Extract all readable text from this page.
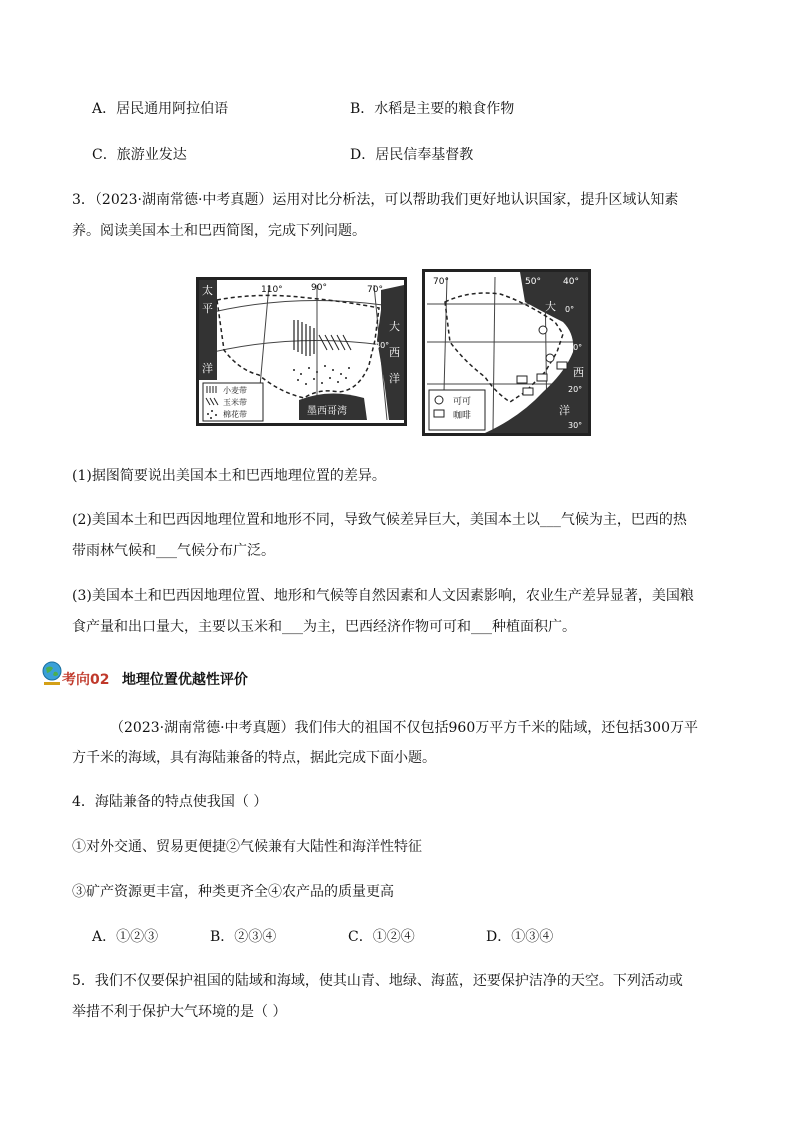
A．居民通用阿拉伯语	B．水稻是主要的粮食作物
C．旅游业发达	D．居民信奉基督教
3．（2023·湖南常德·中考真题）运用对比分析法，可以帮助我们更好地认识国家，提升区域认知素
养。阅读美国本土和巴西简图，完成下列问题。
110°	90°	70°
太
平
洋
大
西
洋
40°
墨西哥湾
小麦带
玉米带
棉花带
70°	50° 40°
0°
10°
20°
30°
大
西
洋
可可
咖啡
(1)据图简要说出美国本土和巴西地理位置的差异。
(2)美国本土和巴西因地理位置和地形不同，导致气候差异巨大，美国本土以___气候为主，巴西的热
带雨林气候和___气候分布广泛。
(3)美国本土和巴西因地理位置、地形和气候等自然因素和人文因素影响，农业生产差异显著，美国粮
食产量和出口量大，主要以玉米和___为主，巴西经济作物可可和___种植面积广。
考向02 地理位置优越性评价
（2023·湖南常德·中考真题）我们伟大的祖国不仅包括960万平方千米的陆域，还包括300万平
方千米的海域，具有海陆兼备的特点，据此完成下面小题。
4．海陆兼备的特点使我国（ ）
①对外交通、贸易更便捷②气候兼有大陆性和海洋性特征
③矿产资源更丰富，种类更齐全④农产品的质量更高
A．①②③	B．②③④	C．①②④	D．①③④
5．我们不仅要保护祖国的陆域和海域，使其山青、地绿、海蓝，还要保护洁净的天空。下列活动或
举措不利于保护大气环境的是（ ）
